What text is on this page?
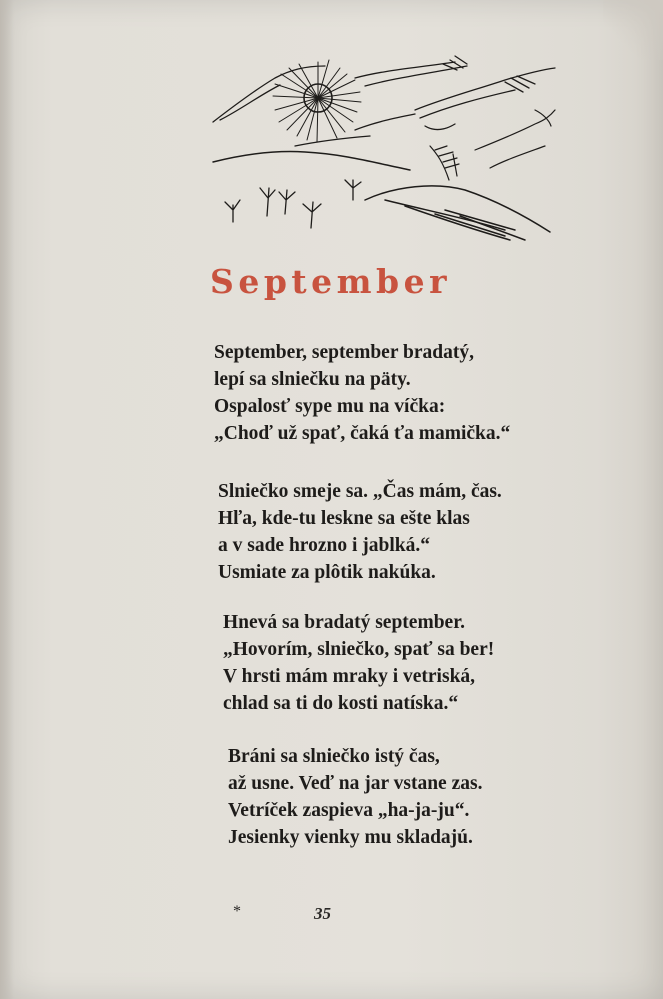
September
September, september bradatý,
lepí sa slniečku na päty.
Ospalosť sype mu na víčka:
„Choď už spať, čaká ťa mamička.“
Slniečko smeje sa. „Čas mám, čas.
Hľa, kde-tu leskne sa ešte klas
a v sade hrozno i jablká.“
Usmiate za plôtik nakúka.
Hnevá sa bradatý september.
„Hovorím, slniečko, spať sa ber!
V hrsti mám mraky i vetriská,
chlad sa ti do kosti natíska.“
Bráni sa slniečko istý čas,
až usne. Veď na jar vstane zas.
Vetríček zaspieva „ha-ja-ju“.
Jesienky vienky mu skladajú.
*	35
